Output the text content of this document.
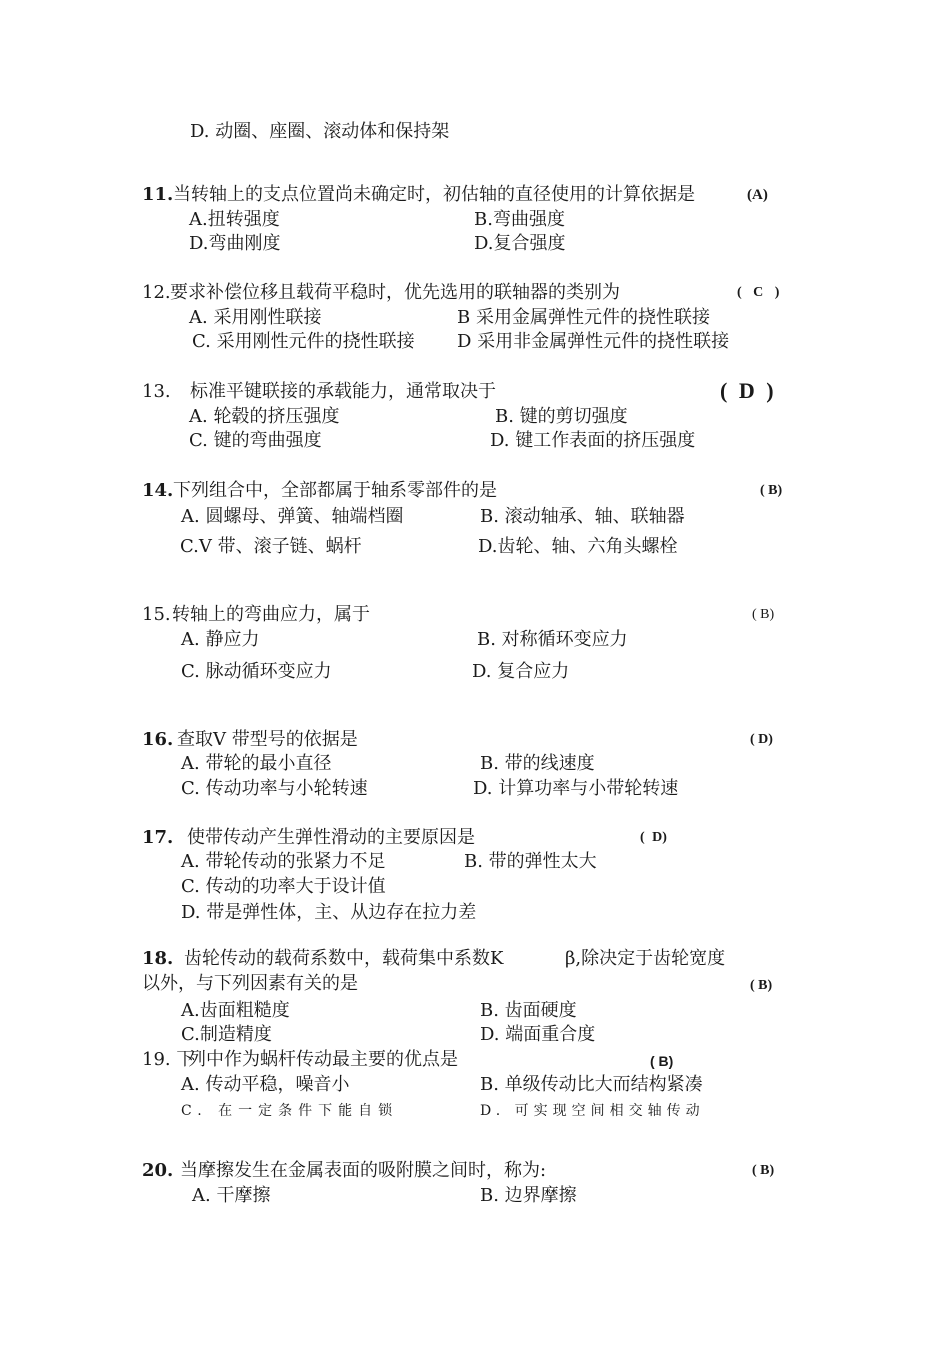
D. 动圈、座圈、滚动体和保持架
11. 当转轴上的支点位置尚未确定时，初估轴的直径使用的计算依据是	(A)
A.扭转强度	B.弯曲强度
D.弯曲刚度	D.复合强度
12. 要求补偿位移且载荷平稳时，优先选用的联轴器的类别为	( C )
A. 采用刚性联接	B 采用金属弹性元件的挠性联接
C. 采用刚性元件的挠性联接 D 采用非金属弹性元件的挠性联接
13. 标准平键联接的承载能力，通常取决于	( D )
A. 轮毂的挤压强度	B. 键的剪切强度
C. 键的弯曲强度	D. 键工作表面的挤压强度
14. 下列组合中，全部都属于轴系零部件的是	( B)
A. 圆螺母、弹簧、轴端档圈	B. 滚动轴承、轴、联轴器
C.V 带、滚子链、蜗杆	D.齿轮、轴、六角头螺栓
15. 转轴上的弯曲应力，属于	( B)
A. 静应力	B. 对称循环变应力
C. 脉动循环变应力	D. 复合应力
16. 查取V 带型号的依据是	( D)
A. 带轮的最小直径	B. 带的线速度
C. 传动功率与小轮转速	D. 计算功率与小带轮转速
17. 使带传动产生弹性滑动的主要原因是	( D)
A. 带轮传动的张紧力不足	B. 带的弹性太大
C. 传动的功率大于设计值
D. 带是弹性体，主、从边存在拉力差
18. 齿轮传动的载荷系数中，载荷集中系数K	β,除决定于齿轮宽度
以外，与下列因素有关的是	( B)
A.齿面粗糙度	B. 齿面硬度
C.制造精度	D. 端面重合度
19. 下
列中作为蜗杆传动最主要的优点是	( B)
A. 传动平稳，噪音小	B. 单级传动比大而结构紧凑
C. 在一定条件下能自锁	D. 可实现空间相交轴传动
20. 当摩擦发生在金属表面的吸附膜之间时，称为:	( B)
A. 干摩擦	B. 边界摩擦
